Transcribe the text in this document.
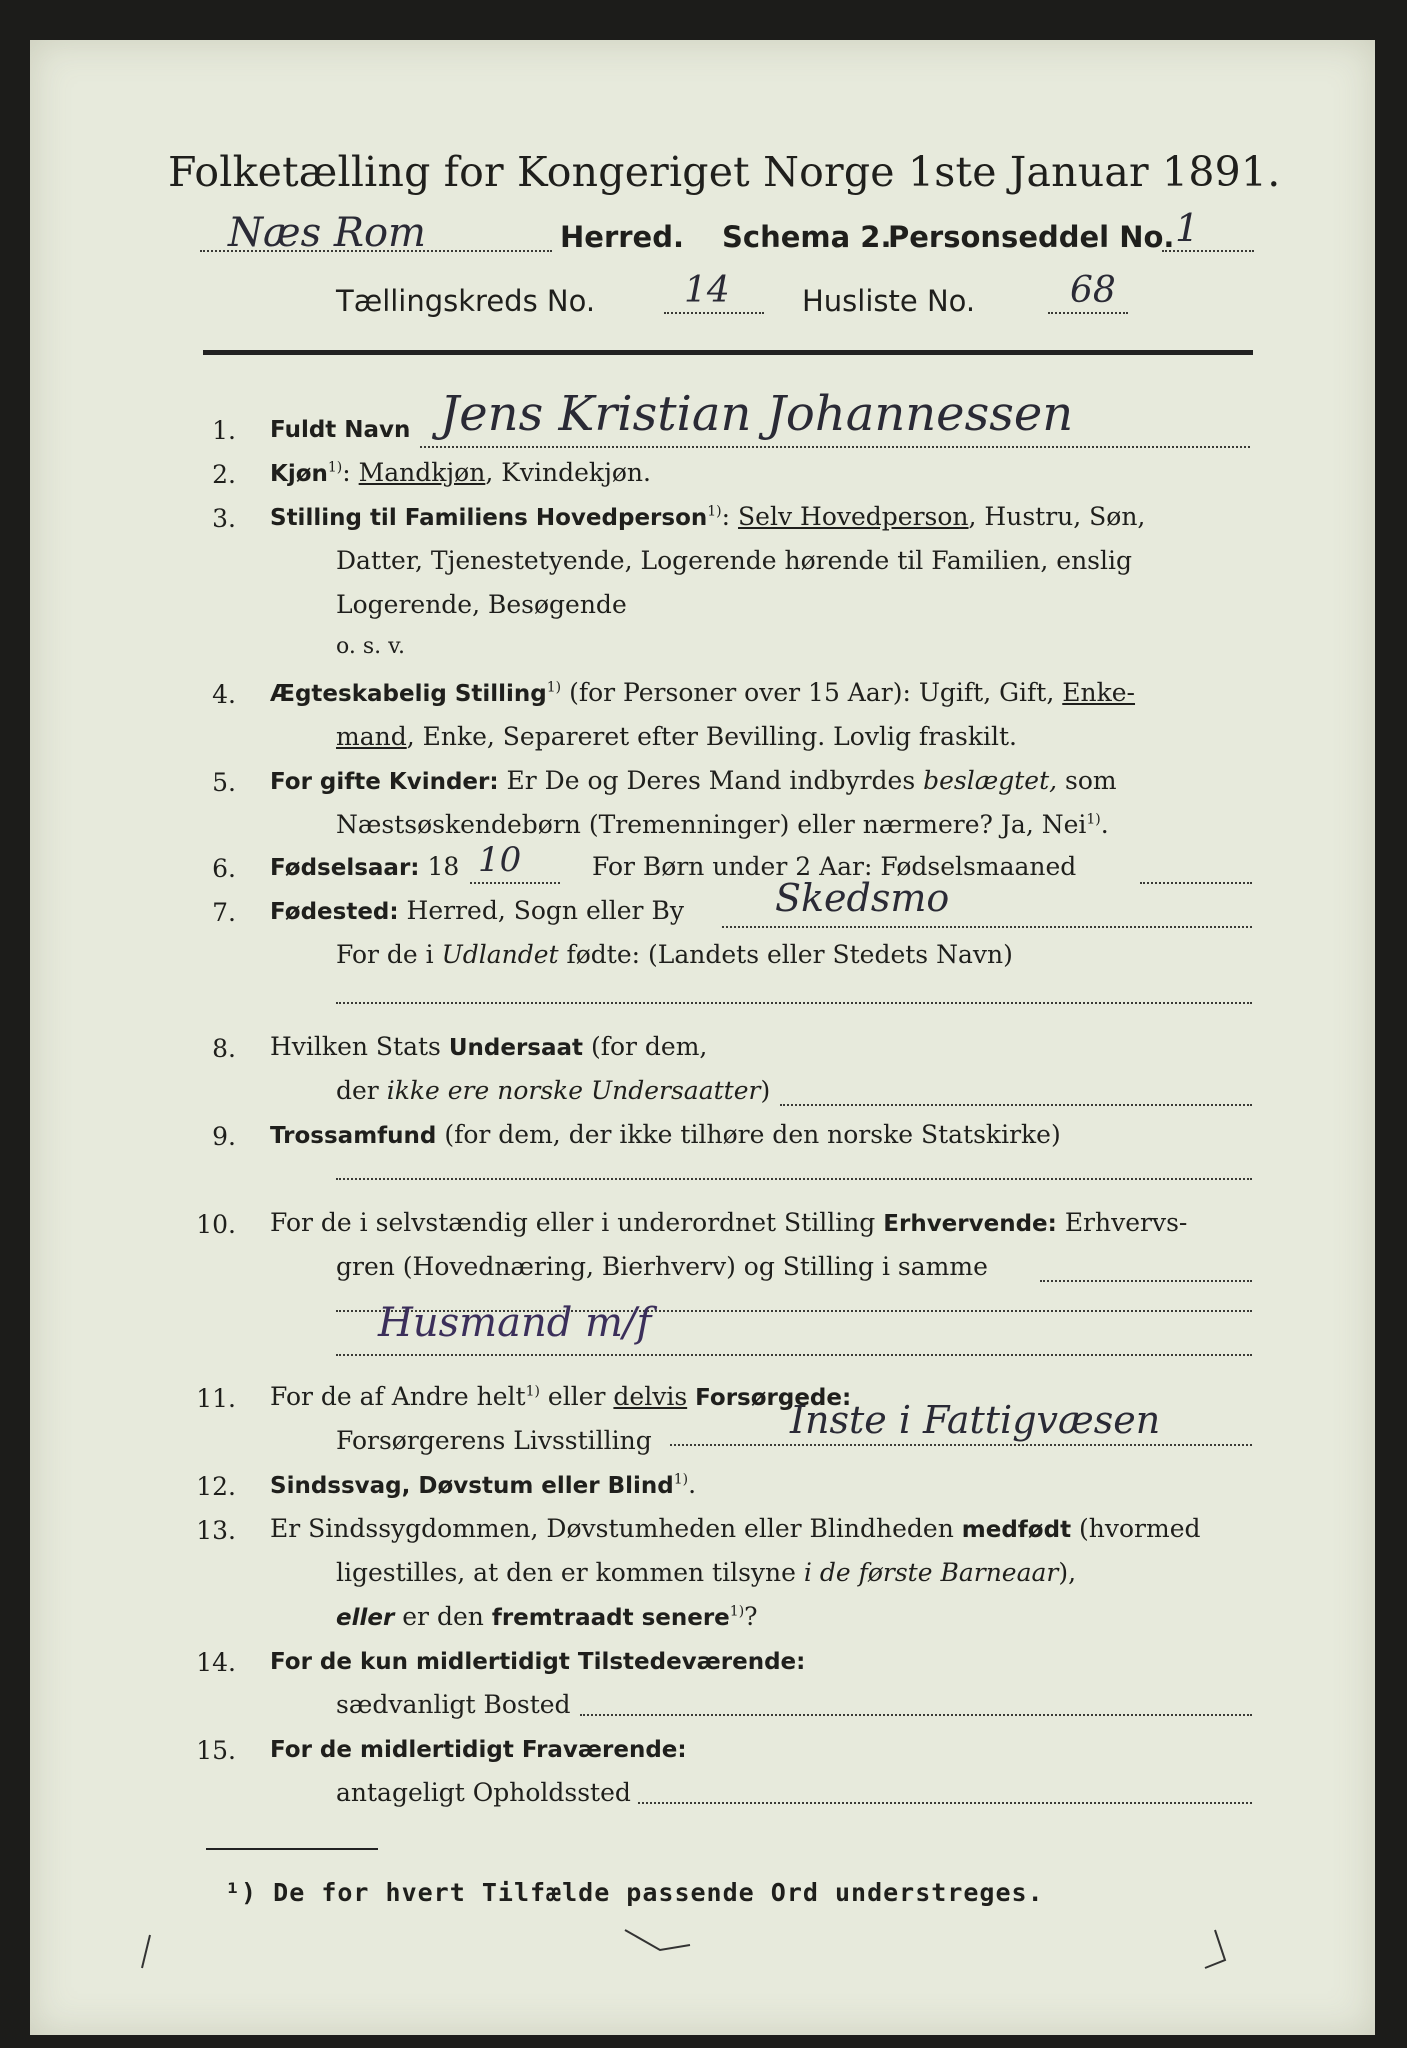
Folketælling for Kongeriget Norge 1ste Januar 1891.
Næs Rom	Herred. Schema 2.
Personseddel No. 1
Tællingskreds No. 14 Husliste No.	68
1. Fuldt Navn Jens Kristian Johannessen
2. Kjøn$^{1)}$: Mandkjøn, Kvindekjøn.
3. Stilling til Familiens Hovedperson$^{1)}$: Selv Hovedperson, Hustru, Søn,
Datter, Tjenestetyende, Logerende hørende til Familien, enslig
Logerende, Besøgende
o. s. v.
4. Ægteskabelig Stilling$^{1)}$ (for Personer over 15 Aar): Ugift, Gift, Enke-
mand, Enke, Separeret efter Bevilling. Lovlig fraskilt.
5. For gifte Kvinder: Er De og Deres Mand indbyrdes beslægtet, som
Næstsøskendebørn (Tremenninger) eller nærmere? Ja, Nei$^{1)}$.
6. Fødselsaar: 18 10	For Børn under 2 Aar: Fødselsmaaned
7. Fødested: Herred, Sogn eller By Skedsmo
For de i Udlandet fødte: (Landets eller Stedets Navn)
8. Hvilken Stats Undersaat (for dem,
der ikke ere norske Undersaatter)
9. Trossamfund (for dem, der ikke tilhøre den norske Statskirke)
10. For de i selvstændig eller i underordnet Stilling Erhvervende: Erhvervs-
gren (Hovednæring, Bierhverv) og Stilling i samme
Husmand m/f
11. For de af Andre helt$^{1)}$ eller delvis Forsørgede:
Forsørgerens Livsstilling	Inste i Fattigvæsen
12. Sindssvag, Døvstum eller Blind$^{1)}$.
13. Er Sindssygdommen, Døvstumheden eller Blindheden medfødt (hvormed
ligestilles, at den er kommen tilsyne i de første Barneaar),
eller er den fremtraadt senere$^{1)}$?
14. For de kun midlertidigt Tilstedeværende:
sædvanligt Bosted
15. For de midlertidigt Fraværende:
antageligt Opholdssted
¹) De for hvert Tilfælde passende Ord understreges.
